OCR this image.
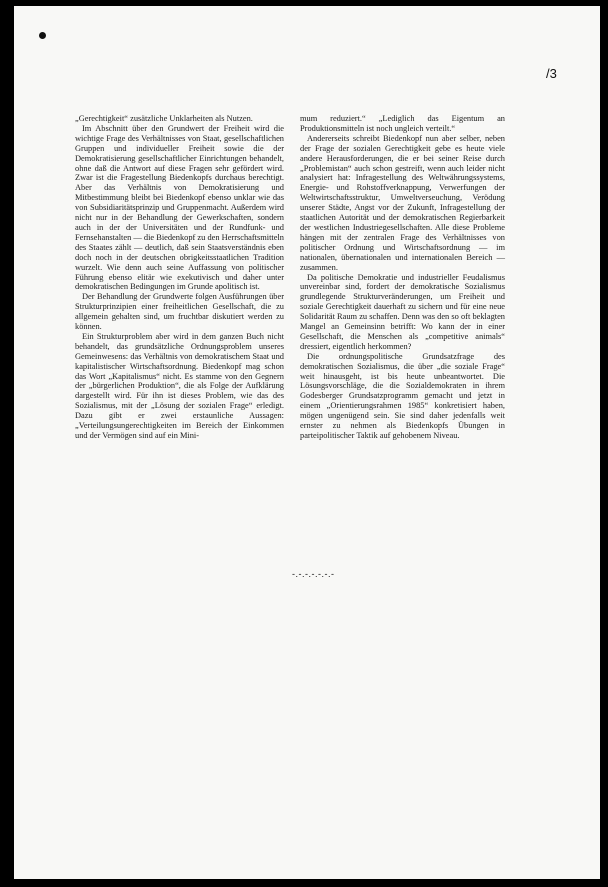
/3

„Gerechtigkeit“ zusätzliche Unklarheiten als Nutzen.

Im Abschnitt über den Grundwert der Freiheit wird die wichtige Frage des Verhältnisses von Staat, gesellschaftlichen Gruppen und individueller Freiheit sowie die der Demokratisierung gesellschaftlicher Einrichtungen behandelt, ohne daß die Antwort auf diese Fragen sehr gefördert wird. Zwar ist die Fragestellung Biedenkopfs durchaus berechtigt. Aber das Verhältnis von Demokratisierung und Mitbestimmung bleibt bei Biedenkopf ebenso unklar wie das von Subsidiaritätsprinzip und Gruppenmacht. Außerdem wird nicht nur in der Behandlung der Gewerkschaften, sondern auch in der der Universitäten und der Rundfunk- und Fernsehanstalten — die Biedenkopf zu den Herrschaftsmitteln des Staates zählt — deutlich, daß sein Staatsverständnis eben doch noch in der deutschen obrigkeitsstaatlichen Tradition wurzelt. Wie denn auch seine Auffassung von politischer Führung ebenso elitär wie exekutivisch und daher unter demokratischen Bedingungen im Grunde apolitisch ist.

Der Behandlung der Grundwerte folgen Ausführungen über Strukturprinzipien einer freiheitlichen Gesellschaft, die zu allgemein gehalten sind, um fruchtbar diskutiert werden zu können.

Ein Strukturproblem aber wird in dem ganzen Buch nicht behandelt, das grundsätzliche Ordnungsproblem unseres Gemeinwesens: das Verhältnis von demokratischem Staat und kapitalistischer Wirtschaftsordnung. Biedenkopf mag schon das Wort „Kapitalismus“ nicht. Es stamme von den Gegnern der „bürgerlichen Produktion“, die als Folge der Aufklärung dargestellt wird. Für ihn ist dieses Problem, wie das des Sozialismus, mit der „Lösung der sozialen Frage“ erledigt. Dazu gibt er zwei erstaunliche Aussagen: „Verteilungsungerechtigkeiten im Bereich der Einkommen und der Vermögen sind auf ein Mini-

mum reduziert.“ „Lediglich das Eigentum an Produktionsmitteln ist noch ungleich verteilt.“

Andererseits schreibt Biedenkopf nun aber selber, neben der Frage der sozialen Gerechtigkeit gebe es heute viele andere Herausforderungen, die er bei seiner Reise durch „Problemistan“ auch schon gestreift, wenn auch leider nicht analysiert hat: Infragestellung des Weltwährungssystems, Energie- und Rohstoffverknappung, Verwerfungen der Weltwirtschaftsstruktur, Umweltverseuchung, Verödung unserer Städte, Angst vor der Zukunft, Infragestellung der staatlichen Autorität und der demokratischen Regierbarkeit der westlichen Industriegesellschaften. Alle diese Probleme hängen mit der zentralen Frage des Verhältnisses von politischer Ordnung und Wirtschaftsordnung — im nationalen, übernationalen und internationalen Bereich — zusammen.

Da politische Demokratie und industrieller Feudalismus unvereinbar sind, fordert der demokratische Sozialismus grundlegende Strukturveränderungen, um Freiheit und soziale Gerechtigkeit dauerhaft zu sichern und für eine neue Solidarität Raum zu schaffen. Denn was den so oft beklagten Mangel an Gemeinsinn betrifft: Wo kann der in einer Gesellschaft, die Menschen als „competitive animals“ dressiert, eigentlich herkommen?

Die ordnungspolitische Grundsatzfrage des demokratischen Sozialismus, die über „die soziale Frage“ weit hinausgeht, ist bis heute unbeantwortet. Die Lösungsvorschläge, die die Sozialdemokraten in ihrem Godesberger Grundsatzprogramm gemacht und jetzt in einem „Orientierungsrahmen 1985“ konkretisiert haben, mögen ungenügend sein. Sie sind daher jedenfalls weit ernster zu nehmen als Biedenkopfs Übungen in parteipolitischer Taktik auf gehobenem Niveau.

-.-.-.-.-.-.-
